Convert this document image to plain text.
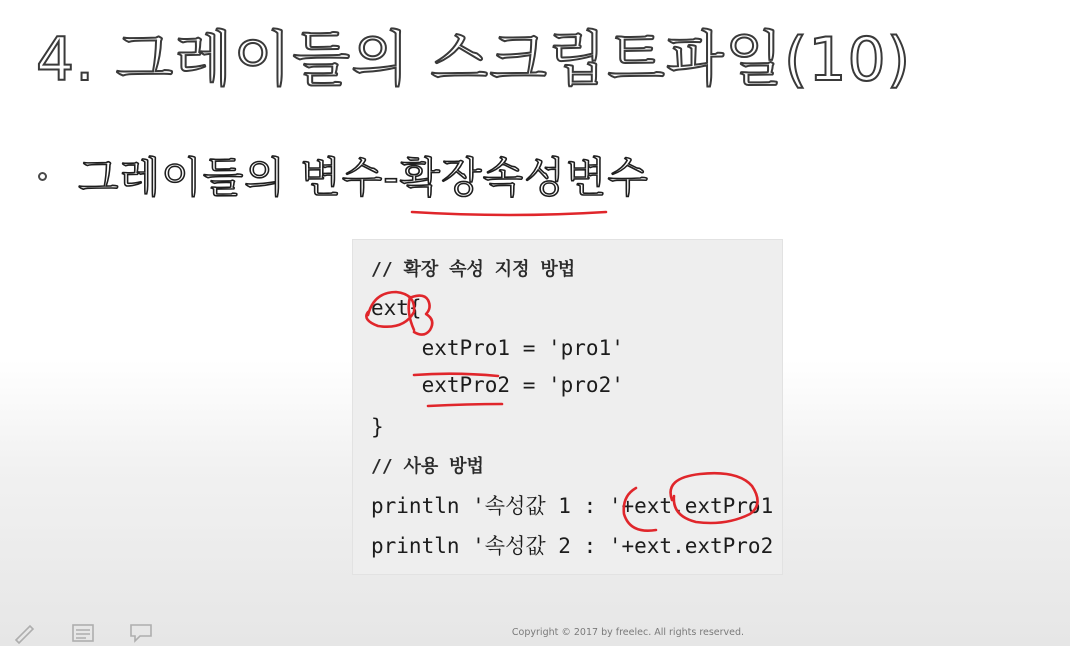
4. 그레이들의 스크립트파일(10)
그레이들의 변수-확장속성변수
// 확장 속성 지정 방법
ext{
extPro1 = 'pro1'
extPro2 = 'pro2'
}
// 사용 방법
println '속성값 1 : '+ext.extPro1
println '속성값 2 : '+ext.extPro2
Copyright © 2017 by freelec. All rights reserved.
